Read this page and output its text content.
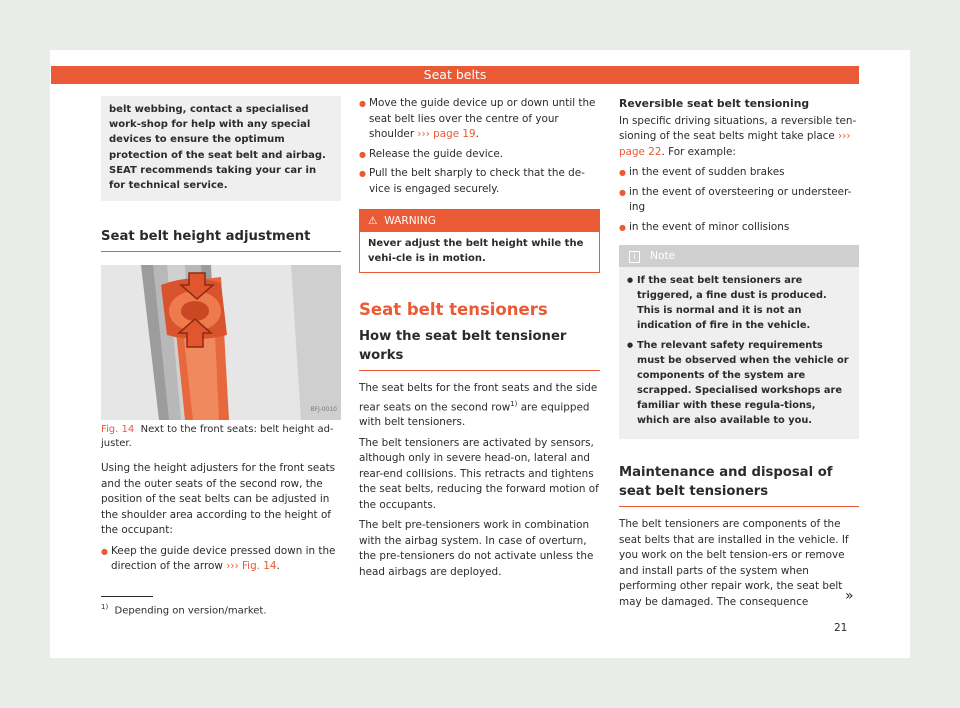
Seat belts
belt webbing, contact a specialised work-shop for help with any special devices to ensure the optimum protection of the seat belt and airbag. SEAT recommends taking your car in for technical service.
Seat belt height adjustment
BFJ-0010
Fig. 14 Next to the front seats: belt height ad-juster.

Using the height adjusters for the front seats and the outer seats of the second row, the position of the seat belts can be adjusted in the shoulder area according to the height of the occupant:

● Keep the guide device pressed down in the direction of the arrow ››› Fig. 14.
● Move the guide device up or down until the seat belt lies over the centre of your shoulder ››› page 19.
● Release the guide device.
● Pull the belt sharply to check that the de-vice is engaged securely.
⚠ WARNING
Never adjust the belt height while the vehi-cle is in motion.
Seat belt tensioners
How the seat belt tensioner works

The seat belts for the front seats and the side rear seats on the second row$^{1)}$ are equipped with belt tensioners.

The belt tensioners are activated by sensors, although only in severe head-on, lateral and rear-end collisions. This retracts and tightens the seat belts, reducing the forward motion of the occupants.

The belt pre-tensioners work in combination with the airbag system. In case of overturn, the pre-tensioners do not activate unless the head airbags are deployed.

Reversible seat belt tensioning

In specific driving situations, a reversible ten-sioning of the seat belts might take place ››› page 22. For example:

● in the event of sudden brakes
● in the event of oversteering or understeer-ing
● in the event of minor collisions
i Note
● If the seat belt tensioners are triggered, a fine dust is produced. This is normal and it is not an indication of fire in the vehicle.
● The relevant safety requirements must be observed when the vehicle or components of the system are scrapped. Specialised workshops are familiar with these regula-tions, which are also available to you.
Maintenance and disposal of seat belt tensioners

The belt tensioners are components of the seat belts that are installed in the vehicle. If you work on the belt tension-ers or remove and install parts of the system when performing other repair work, the seat belt may be damaged. The consequence	»
$^{1)}$ Depending on version/market.
21
